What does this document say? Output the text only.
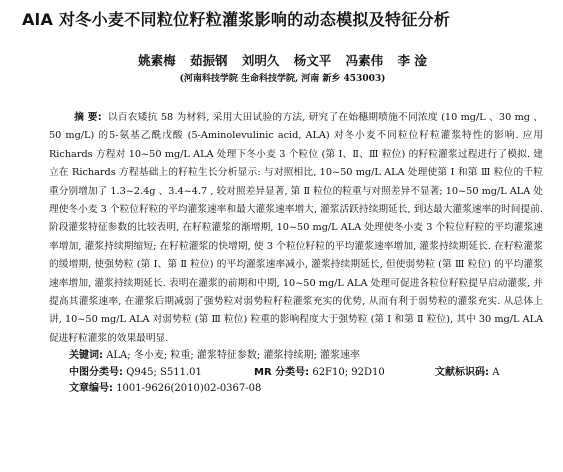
AlA 对冬小麦不同粒位籽粒灌浆影响的动态模拟及特征分析
姚素梅 茹振钢 刘明久 杨文平 冯素伟 李 淦
(河南科技学院 生命科技学院, 河南 新乡 453003)
摘 要: 以百农矮抗 58 为材料, 采用大田试验的方法, 研究了在始穗期喷施不同浓度 (10 mg/L 、30 mg 、50 mg/L) 的5-氨基乙酰戊酸 (5-Aminolevulinic acid, ALA) 对冬小麦不同粒位籽粒灌浆特性的影响. 应用 Richards 方程对 10~50 mg/L ALA 处理下冬小麦 3 个粒位 (第 Ⅰ、Ⅱ、Ⅲ 粒位) 的籽粒灌浆过程进行了模拟. 建立在 Richards 方程基础上的籽粒生长分析显示: 与对照相比, 10~50 mg/L ALA 处理使第 Ⅰ 和第 Ⅲ 粒位的千粒重分别增加了 1.3~2.4g 、3.4~4.7 , 较对照差异显著, 第 Ⅱ 粒位的粒重与对照差异不显著; 10~50 mg/L ALA 处理使冬小麦 3 个粒位籽粒的平均灌浆速率和最大灌浆速率增大, 灌浆活跃持续期延长, 到达最大灌浆速率的时间提前. 阶段灌浆特征参数的比较表明, 在籽粒灌浆的渐增期, 10~50 mg/L ALA 处理使冬小麦 3 个粒位籽粒的平均灌浆速率增加, 灌浆持续期缩短; 在籽粒灌浆的快增期, 使 3 个粒位籽粒的平均灌浆速率增加, 灌浆持续期延长. 在籽粒灌浆的缓增期, 使强势粒 (第 Ⅰ、第 Ⅱ 粒位) 的平均灌浆速率减小, 灌浆持续期延长, 但使弱势粒 (第 Ⅲ 粒位) 的平均灌浆速率增加, 灌浆持续期延长. 表明在灌浆的前期和中期, 10~50 mg/L ALA 处理可促进各粒位籽粒提早启动灌浆, 并提高其灌浆速率, 在灌浆后期减弱了强势粒对弱势粒籽粒灌浆充实的优势, 从而有利于弱势粒的灌浆充实. 从总体上讲, 10~50 mg/L ALA 对弱势粒 (第 Ⅲ 粒位) 粒重的影响程度大于强势粒 (第 Ⅰ 和第 Ⅱ 粒位), 其中 30 mg/L ALA 促进籽粒灌浆的效果最明显.
关键词: ALA; 冬小麦; 粒重; 灌浆特征参数; 灌浆持续期; 灌浆速率
中图分类号: Q945; S511.01	MR 分类号: 62F10; 92D10	文献标识码: A
文章编号: 1001-9626(2010)02-0367-08
